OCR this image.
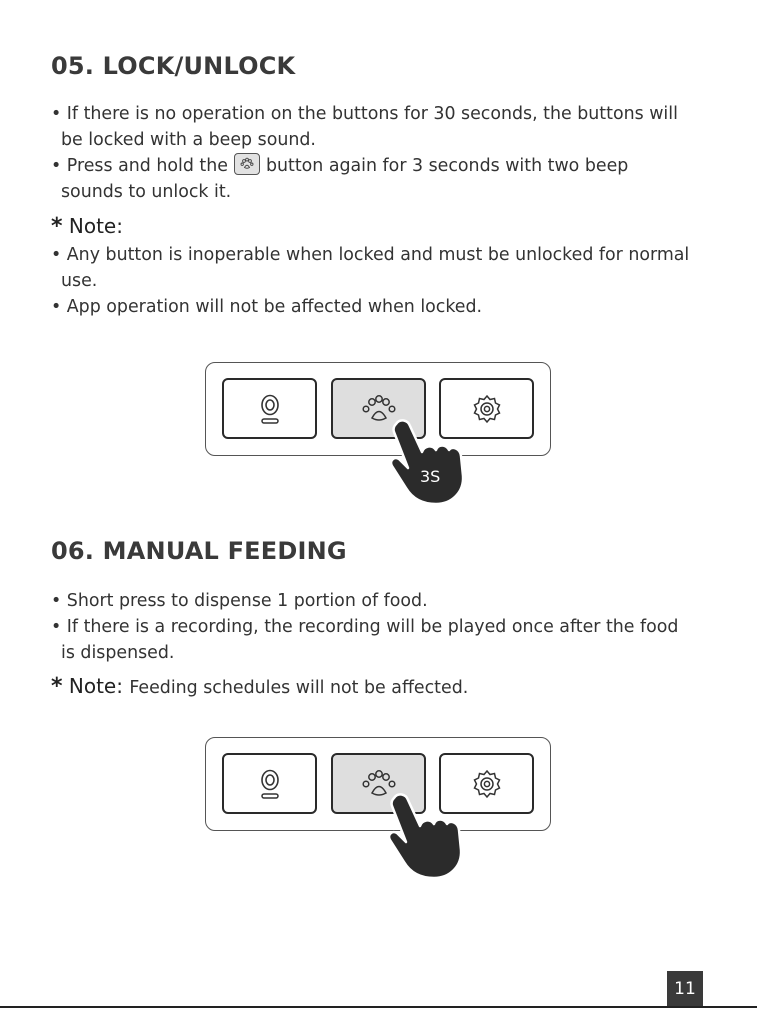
05. LOCK/UNLOCK
• If there is no operation on the buttons for 30 seconds, the buttons will
be locked with a beep sound.
• Press and hold the button again for 3 seconds with two beep
sounds to unlock it.
* Note:
• Any button is inoperable when locked and must be unlocked for normal
use.
• App operation will not be affected when locked.
3S
06. MANUAL FEEDING
• Short press to dispense 1 portion of food.
• If there is a recording, the recording will be played once after the food
is dispensed.
* Note: Feeding schedules will not be affected.
11
